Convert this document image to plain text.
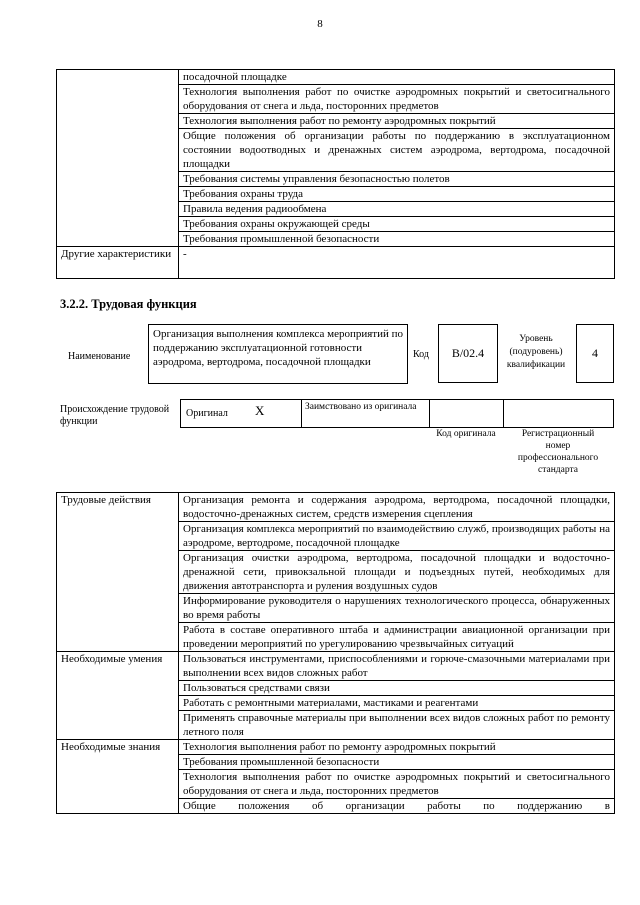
8
	посадочной площадке
	Технология выполнения работ по очистке аэродромных покрытий и светосигнального оборудования от снега и льда, посторонних предметов
	Технология выполнения работ по ремонту аэродромных покрытий
	Общие положения об организации работы по поддержанию в эксплуатационном состоянии водоотводных и дренажных систем аэродрома, вертодрома, посадочной площадки
	Требования системы управления безопасностью полетов
	Требования охраны труда
	Правила ведения радиообмена
	Требования охраны окружающей среды
	Требования промышленной безопасности
Другие характеристики	-
3.2.2. Трудовая функция
Наименование
Организация выполнения комплекса мероприятий по поддержанию эксплуатационной готовности аэродрома, вертодрома, посадочной площадки
Код	B/02.4
Уровень (подуровень) квалификации
4
Происхождение трудовой функции
Оригинал X	Заимствовано из оригинала
Код оригинала	Регистрационный номер профессионального стандарта
Трудовые действия	Организация ремонта и содержания аэродрома, вертодрома, посадочной площадки, водосточно-дренажных систем, средств измерения сцепления
	Организация комплекса мероприятий по взаимодействию служб, производящих работы на аэродроме, вертодроме, посадочной площадке
	Организация очистки аэродрома, вертодрома, посадочной площадки и водосточно-дренажной сети, привокзальной площади и подъездных путей, необходимых для движения автотранспорта и руления воздушных судов
	Информирование руководителя о нарушениях технологического процесса, обнаруженных во время работы
	Работа в составе оперативного штаба и администрации авиационной организации при проведении мероприятий по урегулированию чрезвычайных ситуаций
Необходимые умения	Пользоваться инструментами, приспособлениями и горюче-смазочными материалами при выполнении всех видов сложных работ
	Пользоваться средствами связи
	Работать с ремонтными материалами, мастиками и реагентами
	Применять справочные материалы при выполнении всех видов сложных работ по ремонту летного поля
Необходимые знания	Технология выполнения работ по ремонту аэродромных покрытий
	Требования промышленной безопасности
	Технология выполнения работ по очистке аэродромных покрытий и светосигнального оборудования от снега и льда, посторонних предметов
	Общие положения об организации работы по поддержанию в
